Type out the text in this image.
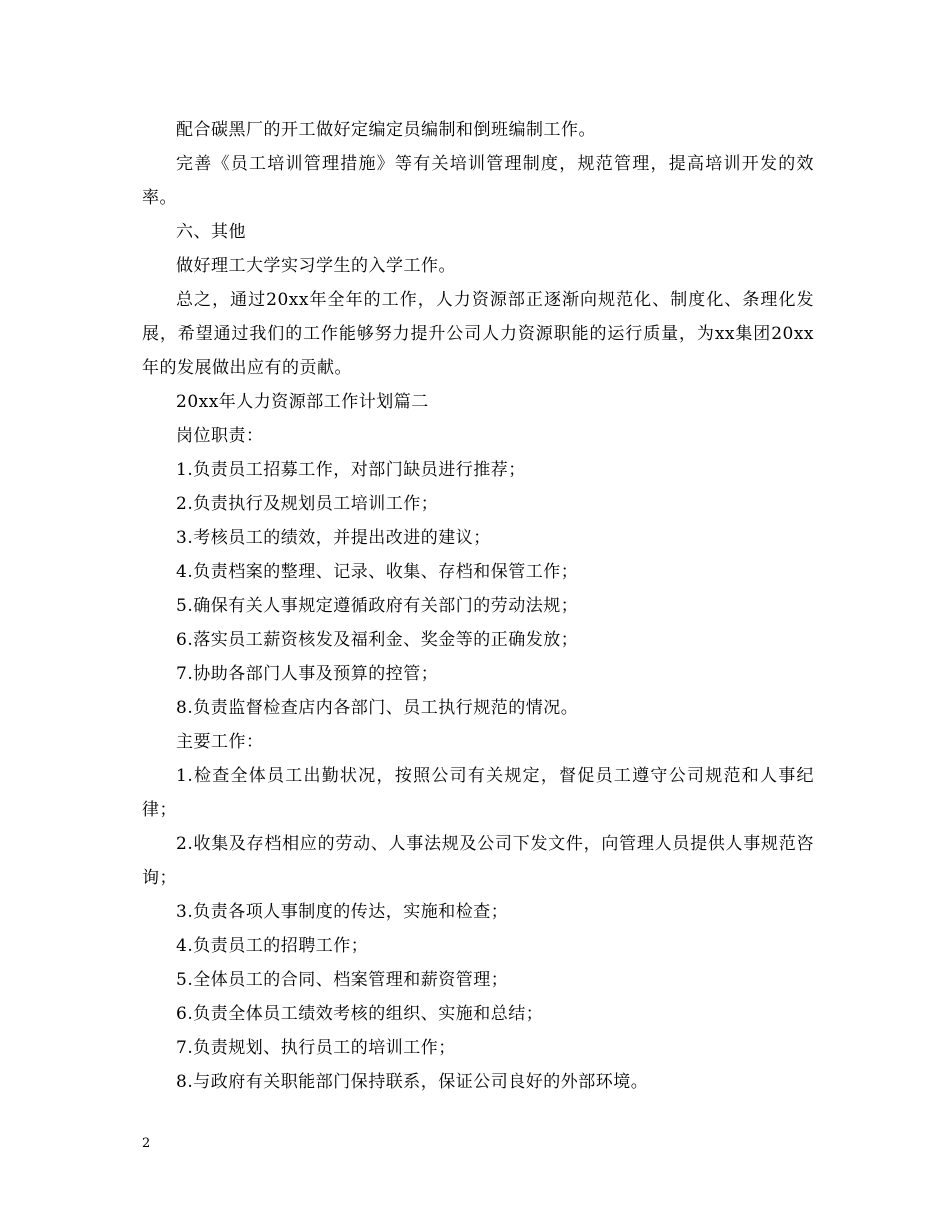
配合碳黑厂的开工做好定编定员编制和倒班编制工作。

完善《员工培训管理措施》等有关培训管理制度，规范管理，提高培训开发的效率。

六、其他

做好理工大学实习学生的入学工作。

总之，通过20xx年全年的工作，人力资源部正逐渐向规范化、制度化、条理化发展，希望通过我们的工作能够努力提升公司人力资源职能的运行质量，为xx集团20xx年的发展做出应有的贡献。

20xx年人力资源部工作计划篇二

岗位职责：

1.负责员工招募工作，对部门缺员进行推荐；

2.负责执行及规划员工培训工作；

3.考核员工的绩效，并提出改进的建议；

4.负责档案的整理、记录、收集、存档和保管工作；

5.确保有关人事规定遵循政府有关部门的劳动法规；

6.落实员工薪资核发及福利金、奖金等的正确发放；

7.协助各部门人事及预算的控管；

8.负责监督检查店内各部门、员工执行规范的情况。

主要工作：

1.检查全体员工出勤状况，按照公司有关规定，督促员工遵守公司规范和人事纪律；

2.收集及存档相应的劳动、人事法规及公司下发文件，向管理人员提供人事规范咨询；

3.负责各项人事制度的传达，实施和检查；

4.负责员工的招聘工作；

5.全体员工的合同、档案管理和薪资管理；

6.负责全体员工绩效考核的组织、实施和总结；

7.负责规划、执行员工的培训工作；

8.与政府有关职能部门保持联系，保证公司良好的外部环境。

2
